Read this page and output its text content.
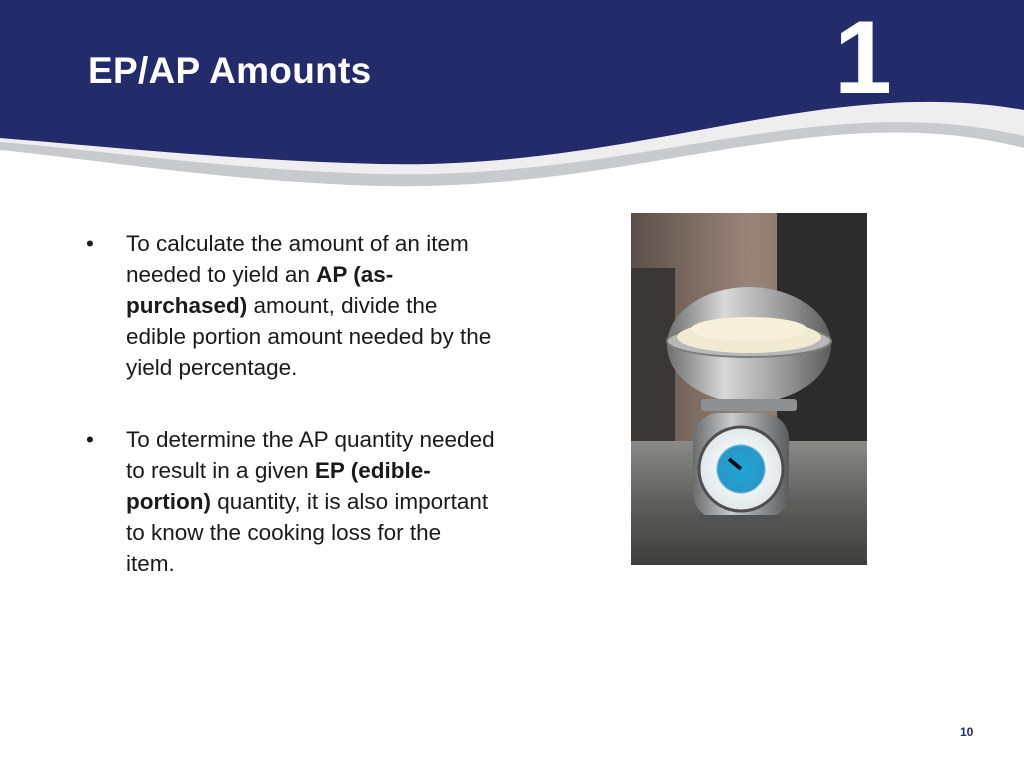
EP/AP Amounts	1
• To calculate the amount of an item needed to yield an AP (as-purchased) amount, divide the edible portion amount needed by the yield percentage.
• To determine the AP quantity needed to result in a given EP (edible-portion) quantity, it is also important to know the cooking loss for the item.
10
